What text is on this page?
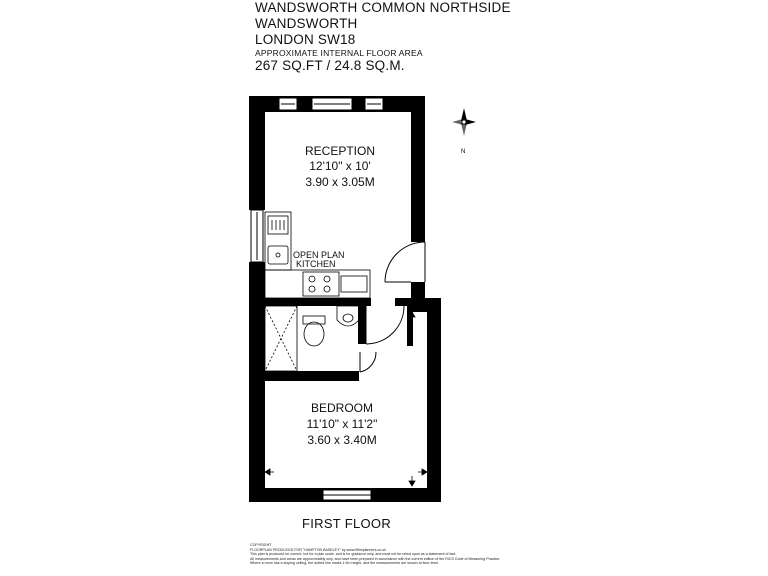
WANDSWORTH COMMON NORTHSIDE
WANDSWORTH
LONDON SW18
APPROXIMATE INTERNAL FLOOR AREA
267 SQ.FT / 24.8 SQ.M.
N
OPEN PLAN
KITCHEN
RECEPTION
12'10" x 10'
3.90 x 3.05M
BEDROOM
11'10" x 11'2"
3.60 x 3.40M
FIRST FLOOR
COPYRIGHT
FLOORPLAN PRODUCED FOR "HAMPTON BASELEY" by www.fiftimplanners.co.uk
This plan is produced for correct, but for a plan scale, and is for guidance only, and must not be relied upon as a statement of fact.
All measurements and areas are approximately only, and have been prepared in accordance with the current edition of the RICS Code of Measuring Practice.
Where a room has a sloping ceiling, the dotted line marks 1.5m height, and the measurements are shown at floor level.
